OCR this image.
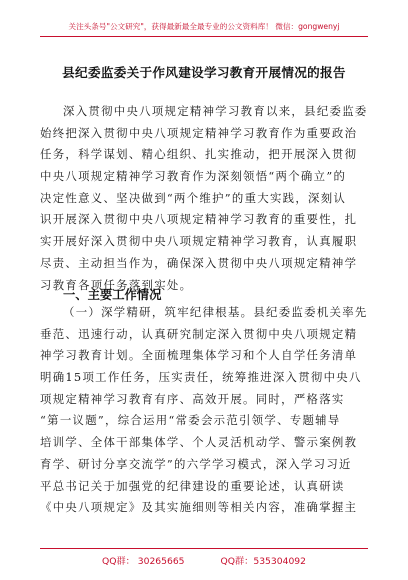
关注头条号"公文研究"，获得最新最全最专业的公文资料库！ 微信：gongwenyj
县纪委监委关于作风建设学习教育开展情况的报告
深入贯彻中央八项规定精神学习教育以来，县纪委监委
始终把深入贯彻中央八项规定精神学习教育作为重要政治
任务，科学谋划、精心组织、扎实推动，把开展深入贯彻
中央八项规定精神学习教育作为深刻领悟“两个确立”的
决定性意义、坚决做到“两个维护”的重大实践，深刻认
识开展深入贯彻中央八项规定精神学习教育的重要性，扎
实开展好深入贯彻中央八项规定精神学习教育，认真履职
尽责、主动担当作为，确保深入贯彻中央八项规定精神学
习教育各项任务落到实处。
一、主要工作情况
（一）深学精研，筑牢纪律根基。县纪委监委机关率先
垂范、迅速行动，认真研究制定深入贯彻中央八项规定精
神学习教育计划。全面梳理集体学习和个人自学任务清单
明确15项工作任务，压实责任，统筹推进深入贯彻中央八
项规定精神学习教育有序、高效开展。同时，严格落实
“第一议题”，综合运用“常委会示范引领学、专题辅导
培训学、全体干部集体学、个人灵活机动学、警示案例教
育学、研讨分享交流学”的六学学习模式，深入学习习近
平总书记关于加强党的纪律建设的重要论述，认真研读
《中央八项规定》及其实施细则等相关内容，准确掌握主
QQ群： 30265665	QQ群：535304092
